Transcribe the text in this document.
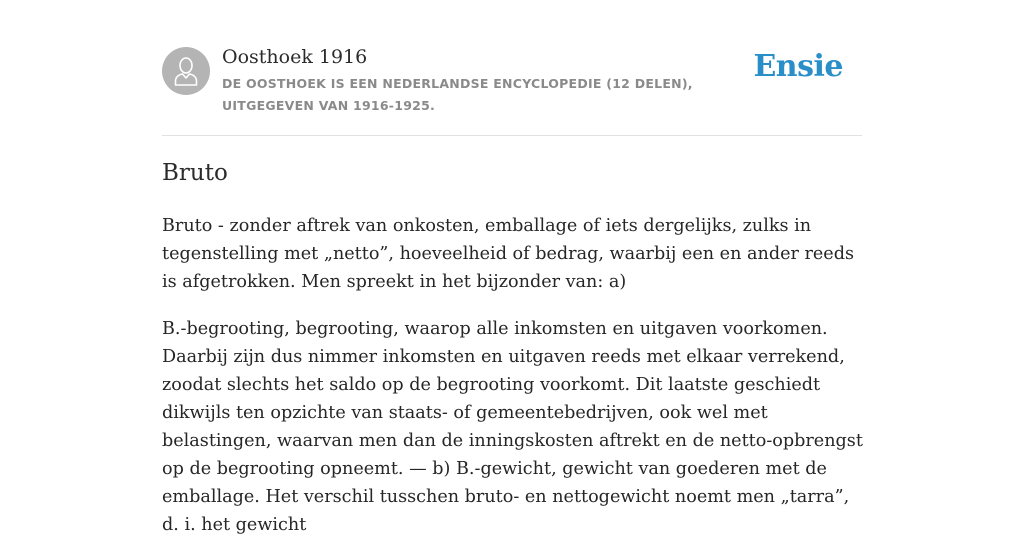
Oosthoek 1916
DE OOSTHOEK IS EEN NEDERLANDSE ENCYCLOPEDIE (12 DELEN), UITGEGEVEN VAN 1916-1925.
Ensie
Bruto

Bruto - zonder aftrek van onkosten, emballage of iets dergelijks, zulks in tegenstelling met „netto”, hoeveelheid of bedrag, waarbij een en ander reeds is afgetrokken. Men spreekt in het bijzonder van: a)

B.-begrooting, begrooting, waarop alle inkomsten en uitgaven voorkomen. Daarbij zijn dus nimmer inkomsten en uitgaven reeds met elkaar verrekend, zoodat slechts het saldo op de begrooting voorkomt. Dit laatste geschiedt dikwijls ten opzichte van staats- of gemeentebedrijven, ook wel met belastingen, waarvan men dan de inningskosten aftrekt en de netto-opbrengst op de begrooting opneemt. — b) B.-gewicht, gewicht van goederen met de emballage. Het verschil tusschen bruto- en nettogewicht noemt men „tarra”, d. i. het gewicht
